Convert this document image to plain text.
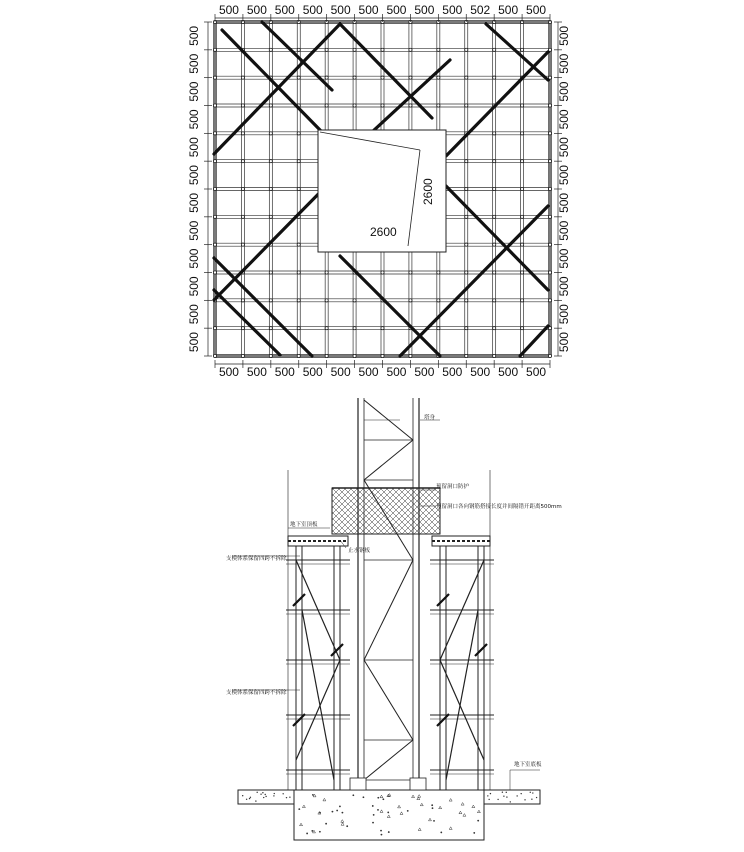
500 500 500 500 500 500 500 500 500 502 500 500
500 500 500 500 500 500 500 500 500 500 500 500
500
500
500
500
500
500
500
500
500
500
500
500
500
500
500
500
500
500
500
500
500
500
500
500
2600
2600
塔身
预留洞口防护
预留洞口各向钢筋搭接长度并间隔错开距离500mm
地下室顶板
止水钢板
支模体系保留四跨不拆除
支模体系保留四跨不拆除
地下室底板
